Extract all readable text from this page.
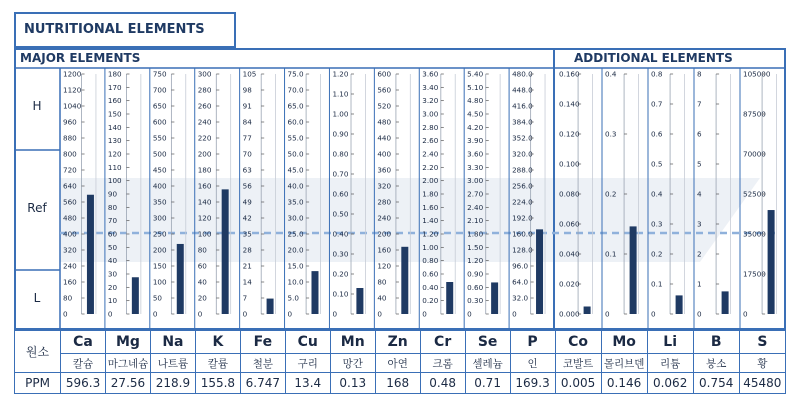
NUTRITIONAL ELEMENTS
MAJOR ELEMENTS	ADDITIONAL ELEMENTS
H
Ref
L
1200
1120
1040
960
880
800
720
640
560
480
400
320
240
160
80
0
180
170
160
150
140
130
120
110
100
90
80
70
60
50
40
30
20
10
0
750
700
650
600
550
500
450
400
350
300
250
200
150
100
50
0
300
280
260
240
220
200
180
160
140
120
100
80
60
40
20
0
105
98
91
84
77
70
63
56
49
42
35
28
21
14
7
0
75.0
70.0
65.0
60.0
55.0
50.0
45.0
40.0
35.0
30.0
25.0
20.0
15.0
10.0
5.0
0
1.20
1.10
1.00
0.90
0.80
0.70
0.60
0.50
0.40
0.30
0.20
0.10
0
600
560
520
480
440
400
360
320
280
240
200
160
120
80
40
0
3.60
3.40
3.20
3.00
2.80
2.60
2.40
2.20
2.00
1.80
1.60
1.40
1.20
1.00
0.80
0.60
0.40
0.20
0
5.40
5.10
4.80
4.50
4.20
3.90
3.60
3.30
3.00
2.70
2.40
2.10
1.80
1.50
1.20
0.90
0.60
0.30
0
480.0
448.0
416.0
384.0
352.0
320.0
288.0
256.0
224.0
192.0
160.0
128.0
96.0
64.0
32.0
0
0.160
0.140
0.120
0.100
0.080
0.060
0.040
0.020
0.000
0.4
0.3
0.2
0.1
0
0.8
0.7
0.6
0.5
0.4
0.3
0.2
0.1
0
8
7
6
5
4
3
2
1
0
105000
87500
70000
52500
35000
17500
0
원소	Ca	Mg	Na	K	Fe	Cu	Mn	Zn	Cr	Se	P	Co	Mo	Li	B	S
	칼슘	마그네슘	나트륨	칼륨	철분	구리	망간	아연	크롬	셀레늄	인	코발트	몰리브덴	리튬	붕소	황
PPM	596.3	27.56	218.9	155.8	6.747	13.4	0.13	168	0.48	0.71	169.3	0.005	0.146	0.062	0.754	45480
